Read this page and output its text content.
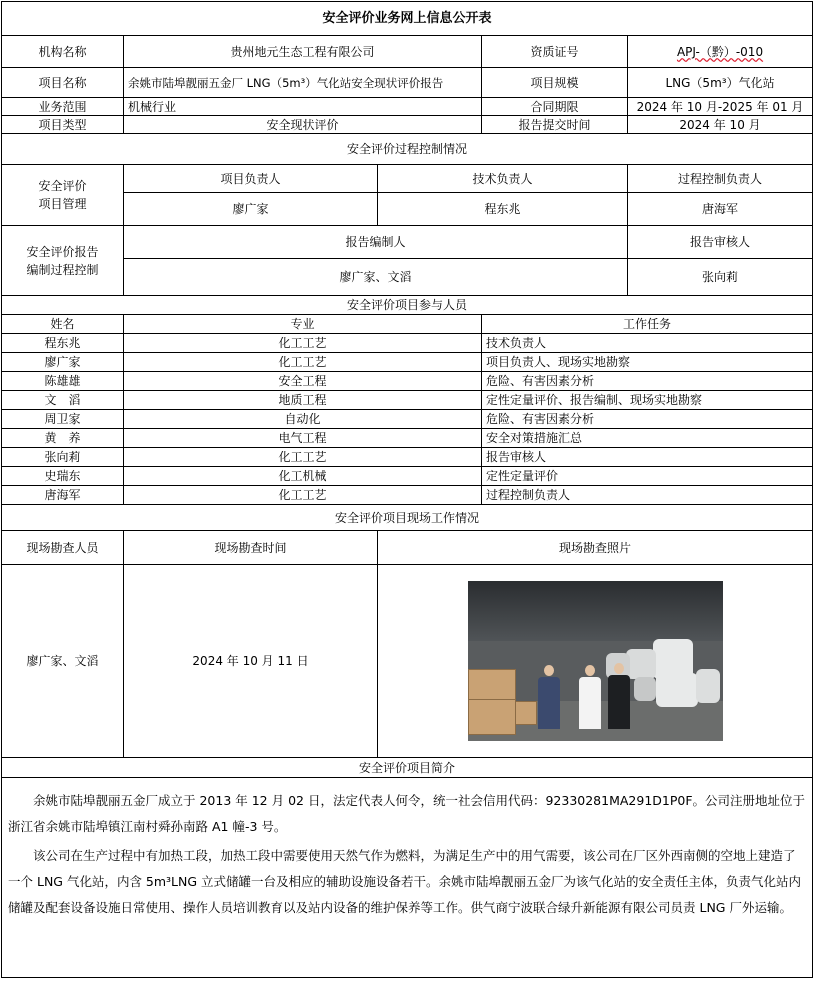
安全评价业务网上信息公开表				
机构名称	贵州地元生态工程有限公司		资质证号	APJ-（黔）-010
项目名称	余姚市陆埠靓丽五金厂 LNG（5m³）气化站安全现状评价报告		项目规模	LNG（5m³）气化站
业务范围	机械行业		合同期限	2024 年 10 月-2025 年 01 月
项目类型	安全现状评价		报告提交时间	2024 年 10 月
安全评价过程控制情况				
安全评价
项目管理	项目负责人	技术负责人		过程控制负责人
	廖广家	程东兆		唐海军
安全评价报告
编制过程控制	报告编制人			报告审核人
	廖广家、文滔			张向莉
安全评价项目参与人员				
姓名	专业		工作任务	
程东兆	化工工艺		技术负责人	
廖广家	化工工艺		项目负责人、现场实地勘察	
陈雄雄	安全工程		危险、有害因素分析	
文　滔	地质工程		定性定量评价、报告编制、现场实地勘察	
周卫家	自动化		危险、有害因素分析	
黄　养	电气工程		安全对策措施汇总	
张向莉	化工工艺		报告审核人	
史瑞东	化工机械		定性定量评价	
唐海军	化工工艺		过程控制负责人	
安全评价项目现场工作情况				
现场勘查人员	现场勘查时间	现场勘查照片		
廖广家、文滔	2024 年 10 月 11 日			

安全评价项目简介				

余姚市陆埠靓丽五金厂成立于 2013 年 12 月 02 日，法定代表人何令，统一社会信用代码：92330281MA291D1P0F。公司注册地址位于浙江省余姚市陆埠镇江南村舜孙南路 A1 幢-3 号。

该公司在生产过程中有加热工段，加热工段中需要使用天然气作为燃料，为满足生产中的用气需要，该公司在厂区外西南侧的空地上建造了一个 LNG 气化站，内含 5m³LNG 立式储罐一台及相应的辅助设施设备若干。余姚市陆埠靓丽五金厂为该气化站的安全责任主体，负责气化站内储罐及配套设备设施日常使用、操作人员培训教育以及站内设备的维护保养等工作。供气商宁波联合绿升新能源有限公司员责 LNG 厂外运输。				
